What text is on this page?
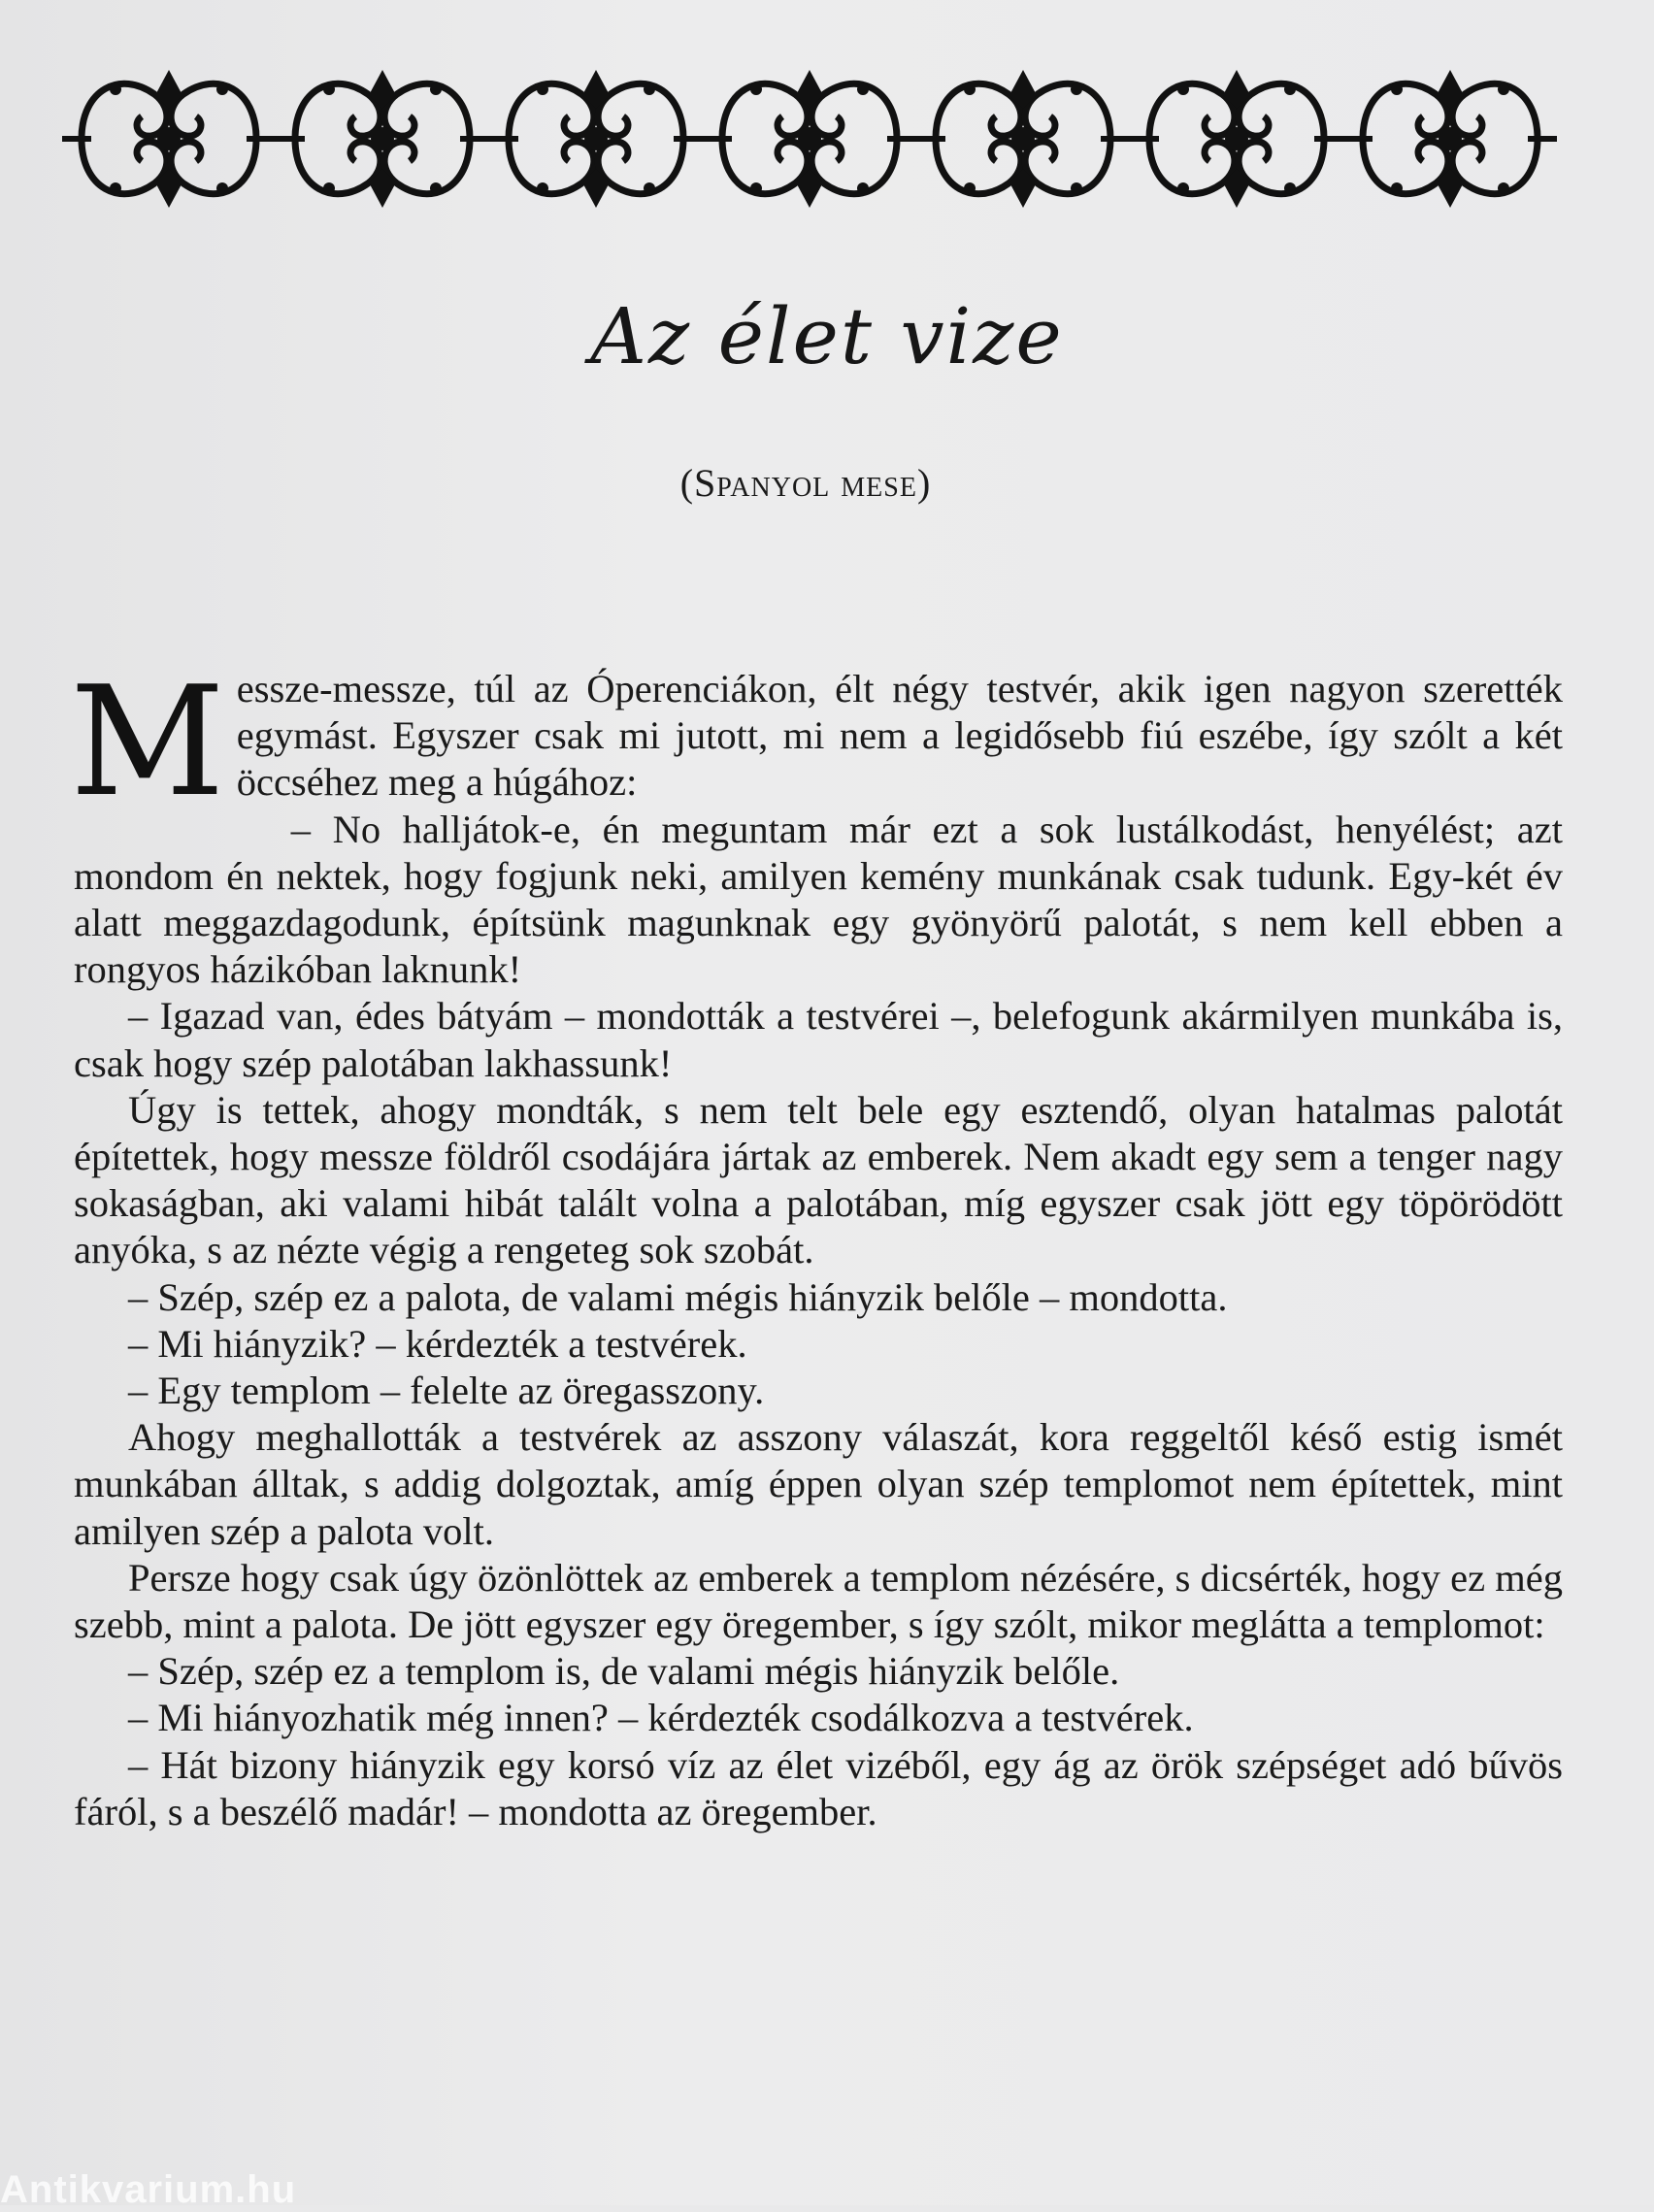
Az élet vize
(Spanyol mese)

Messze-messze, túl az Óperenciákon, élt négy testvér, akik igen nagyon szerették egymást. Egyszer csak mi jutott, mi nem a legidősebb fiú eszébe, így szólt a két öccséhez meg a húgához:

– No halljátok-e, én meguntam már ezt a sok lustálkodást, henyélést; azt mondom én nektek, hogy fogjunk neki, amilyen kemény munkának csak tudunk. Egy-két év alatt meggazdagodunk, építsünk magunknak egy gyönyörű palotát, s nem kell ebben a rongyos házikóban laknunk!

– Igazad van, édes bátyám – mondották a testvérei –, belefogunk akármilyen munkába is, csak hogy szép palotában lakhassunk!

Úgy is tettek, ahogy mondták, s nem telt bele egy esztendő, olyan hatalmas palotát építettek, hogy messze földről csodájára jártak az emberek. Nem akadt egy sem a tenger nagy sokaságban, aki valami hibát talált volna a palotában, míg egyszer csak jött egy töpörödött anyóka, s az nézte végig a rengeteg sok szobát.

– Szép, szép ez a palota, de valami mégis hiányzik belőle – mondotta.

– Mi hiányzik? – kérdezték a testvérek.

– Egy templom – felelte az öregasszony.

Ahogy meghallották a testvérek az asszony válaszát, kora reggeltől késő estig ismét munkában álltak, s addig dolgoztak, amíg éppen olyan szép templomot nem építettek, mint amilyen szép a palota volt.

Persze hogy csak úgy özönlöttek az emberek a templom nézésére, s dicsérték, hogy ez még szebb, mint a palota. De jött egyszer egy öregember, s így szólt, mikor meglátta a templomot:

– Szép, szép ez a templom is, de valami mégis hiányzik belőle.

– Mi hiányozhatik még innen? – kérdezték csodálkozva a testvérek.

– Hát bizony hiányzik egy korsó víz az élet vizéből, egy ág az örök szépséget adó bűvös fáról, s a beszélő madár! – mondotta az öregember.

Antikvarium.hu
